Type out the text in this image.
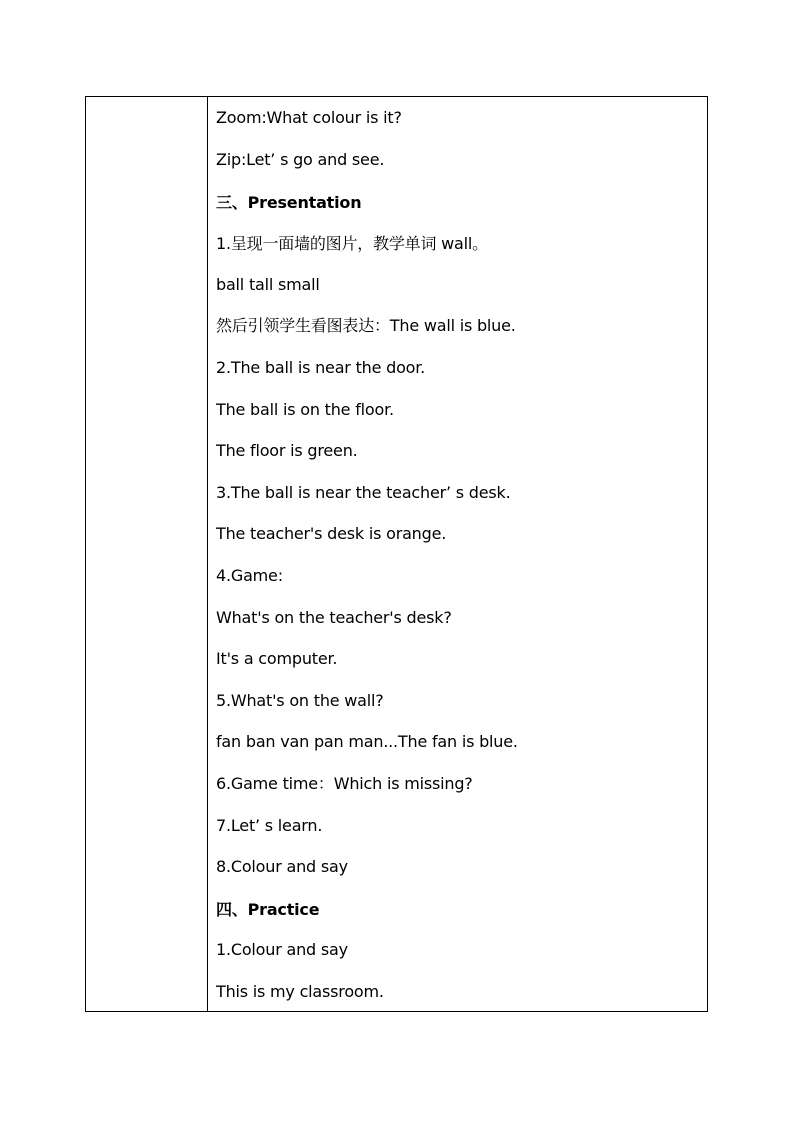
Zoom:What colour is it?
Zip:Let’ s go and see.
三、Presentation
1.呈现一面墙的图片，教学单词 wall。
ball tall small
然后引领学生看图表达：The wall is blue.
2.The ball is near the door.
The ball is on the floor.
The floor is green.
3.The ball is near the teacher’ s desk.
The teacher's desk is orange.
4.Game:
What's on the teacher's desk?
It's a computer.
5.What's on the wall?
fan ban van pan man...The fan is blue.
6.Game time：Which is missing?
7.Let’ s learn.
8.Colour and say
四、Practice
1.Colour and say
This is my classroom.
